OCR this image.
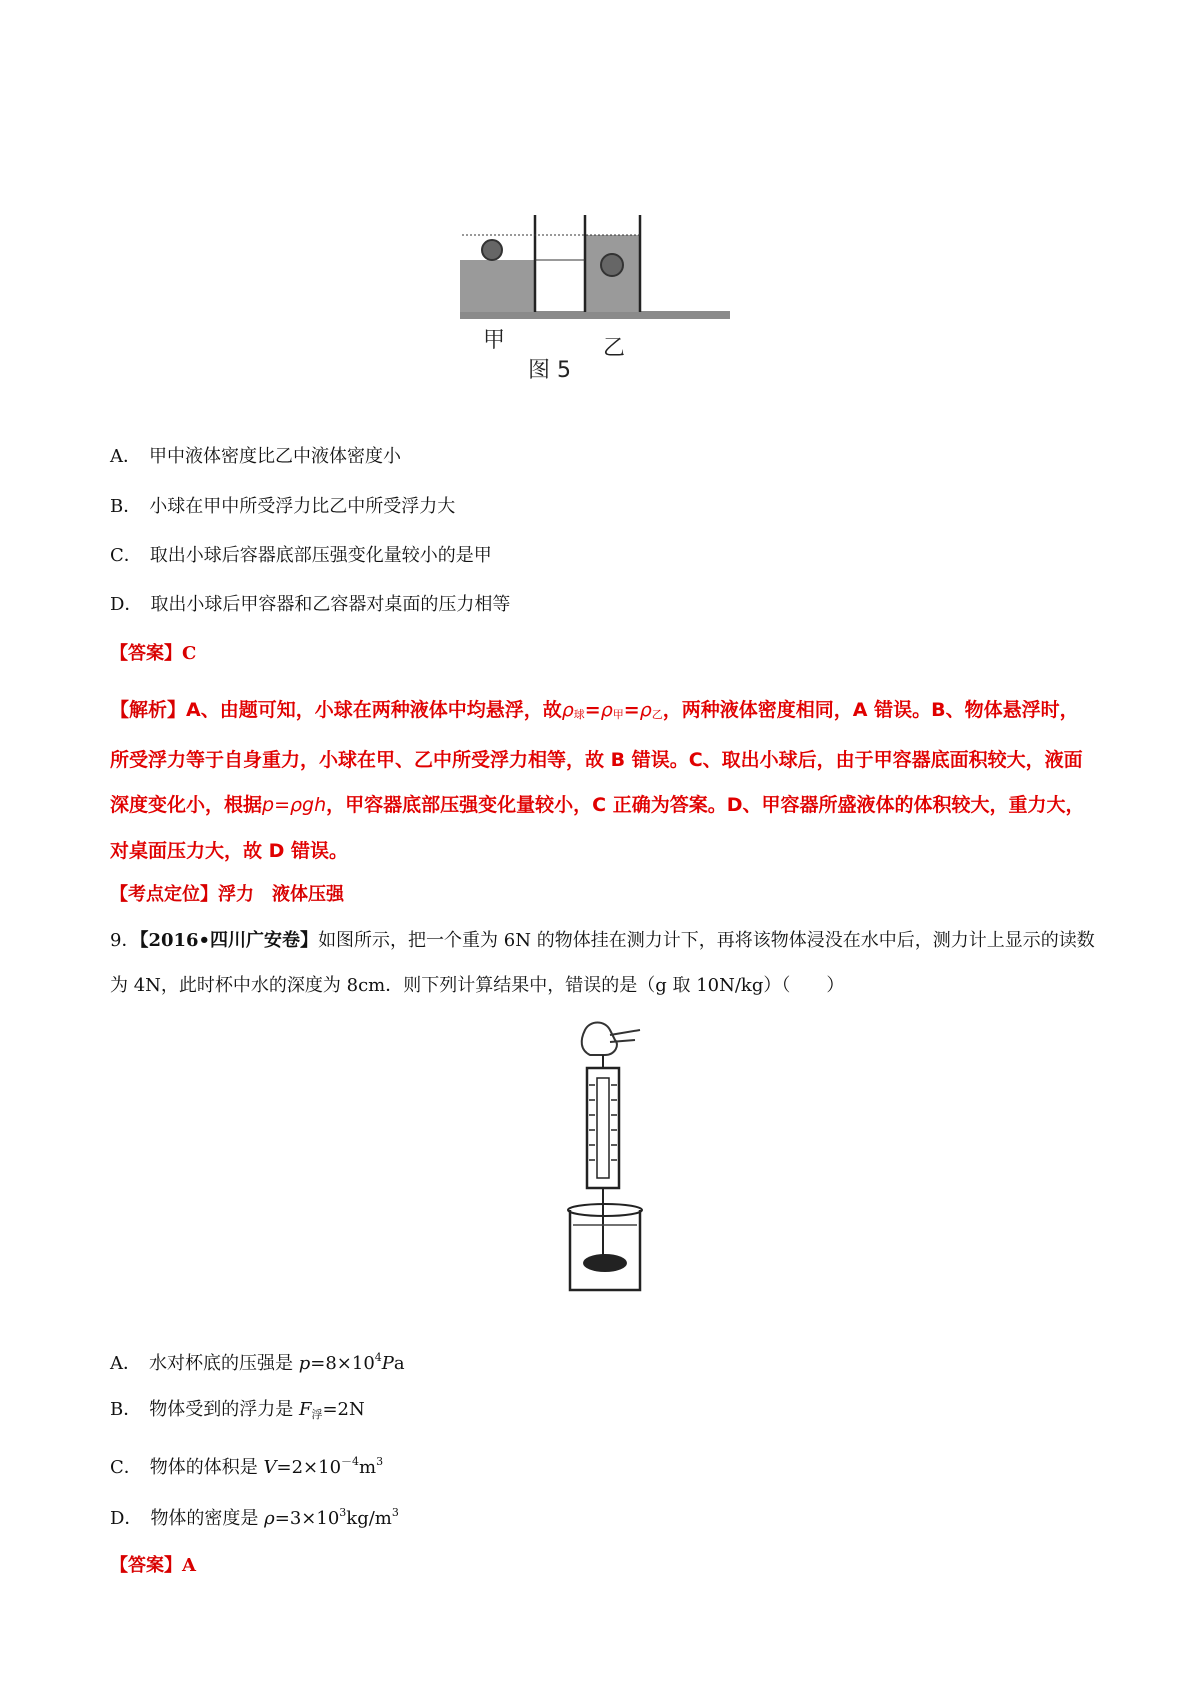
甲	乙
图 5
A． 甲中液体密度比乙中液体密度小
B． 小球在甲中所受浮力比乙中所受浮力大
C． 取出小球后容器底部压强变化量较小的是甲
D． 取出小球后甲容器和乙容器对桌面的压力相等
【答案】C
【解析】A、由题可知，小球在两种液体中均悬浮，故$\rho_球=\rho_甲=\rho_乙$，两种液体密度相同，A 错误。B、物体悬浮时，所受浮力等于自身重力，小球在甲、乙中所受浮力相等，故 B 错误。C、取出小球后，由于甲容器底面积较大，液面深度变化小，根据p=ρgh，甲容器底部压强变化量较小，C 正确为答案。D、甲容器所盛液体的体积较大，重力大，对桌面压力大，故 D 错误。
【考点定位】浮力　液体压强
9．【2016•四川广安卷】如图所示，把一个重为 6N 的物体挂在测力计下，再将该物体浸没在水中后，测力计上显示的读数为 4N，此时杯中水的深度为 8cm．则下列计算结果中，错误的是（g 取 10N/kg）（　　）
A． 水对杯底的压强是 $p=8\times 10^4Pa$
B． 物体受到的浮力是 $F_浮=2N$
C． 物体的体积是 $V=2\times 10^{-4}m^3$
D． 物体的密度是 $\rho=3\times 10^3kg/m^3$
【答案】A
